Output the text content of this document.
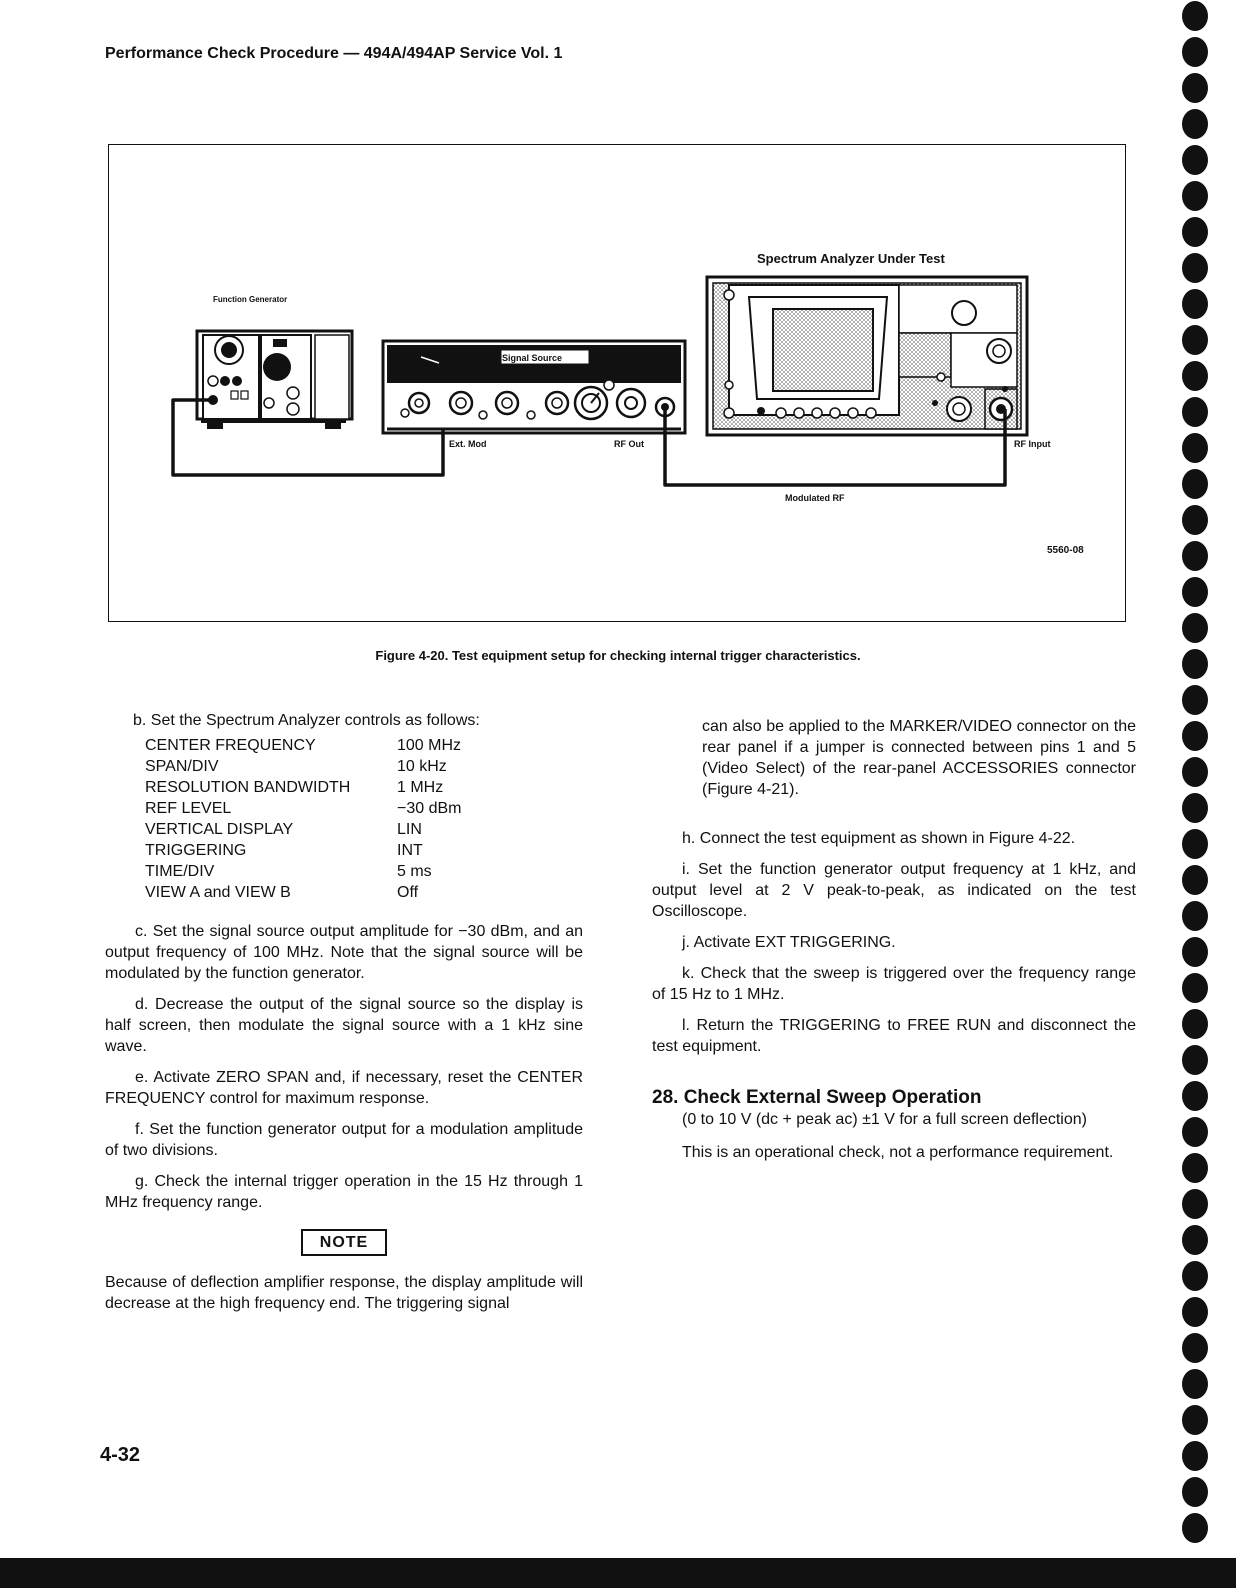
Performance Check Procedure — 494A/494AP Service Vol. 1
Function Generator
Spectrum Analyzer Under Test
Signal Source
Ext. Mod	RF Out	RF Input
Modulated RF
5560-08
Figure 4-20. Test equipment setup for checking internal trigger characteristics.

b. Set the Spectrum Analyzer controls as follows:

CENTER FREQUENCY	100 MHz
SPAN/DIV	10 kHz
RESOLUTION BANDWIDTH	1 MHz
REF LEVEL	−30 dBm
VERTICAL DISPLAY	LIN
TRIGGERING	INT
TIME/DIV	5 ms
VIEW A and VIEW B	Off

c. Set the signal source output amplitude for −30 dBm, and an output frequency of 100 MHz. Note that the signal source will be modulated by the function generator.

d. Decrease the output of the signal source so the display is half screen, then modulate the signal source with a 1 kHz sine wave.

e. Activate ZERO SPAN and, if necessary, reset the CENTER FREQUENCY control for maximum response.

f. Set the function generator output for a modulation amplitude of two divisions.

g. Check the internal trigger operation in the 15 Hz through 1 MHz frequency range.

NOTE

Because of deflection amplifier response, the display amplitude will decrease at the high frequency end. The triggering signal

can also be applied to the MARKER/VIDEO connector on the rear panel if a jumper is connected between pins 1 and 5 (Video Select) of the rear-panel ACCESSORIES connector (Figure 4-21).

h. Connect the test equipment as shown in Figure 4-22.

i. Set the function generator output frequency at 1 kHz, and output level at 2 V peak-to-peak, as indicated on the test Oscilloscope.

j. Activate EXT TRIGGERING.

k. Check that the sweep is triggered over the frequency range of 15 Hz to 1 MHz.

l. Return the TRIGGERING to FREE RUN and disconnect the test equipment.

28. Check External Sweep Operation
(0 to 10 V (dc + peak ac) ±1 V for a full screen deflection)

This is an operational check, not a performance requirement.

4-32
